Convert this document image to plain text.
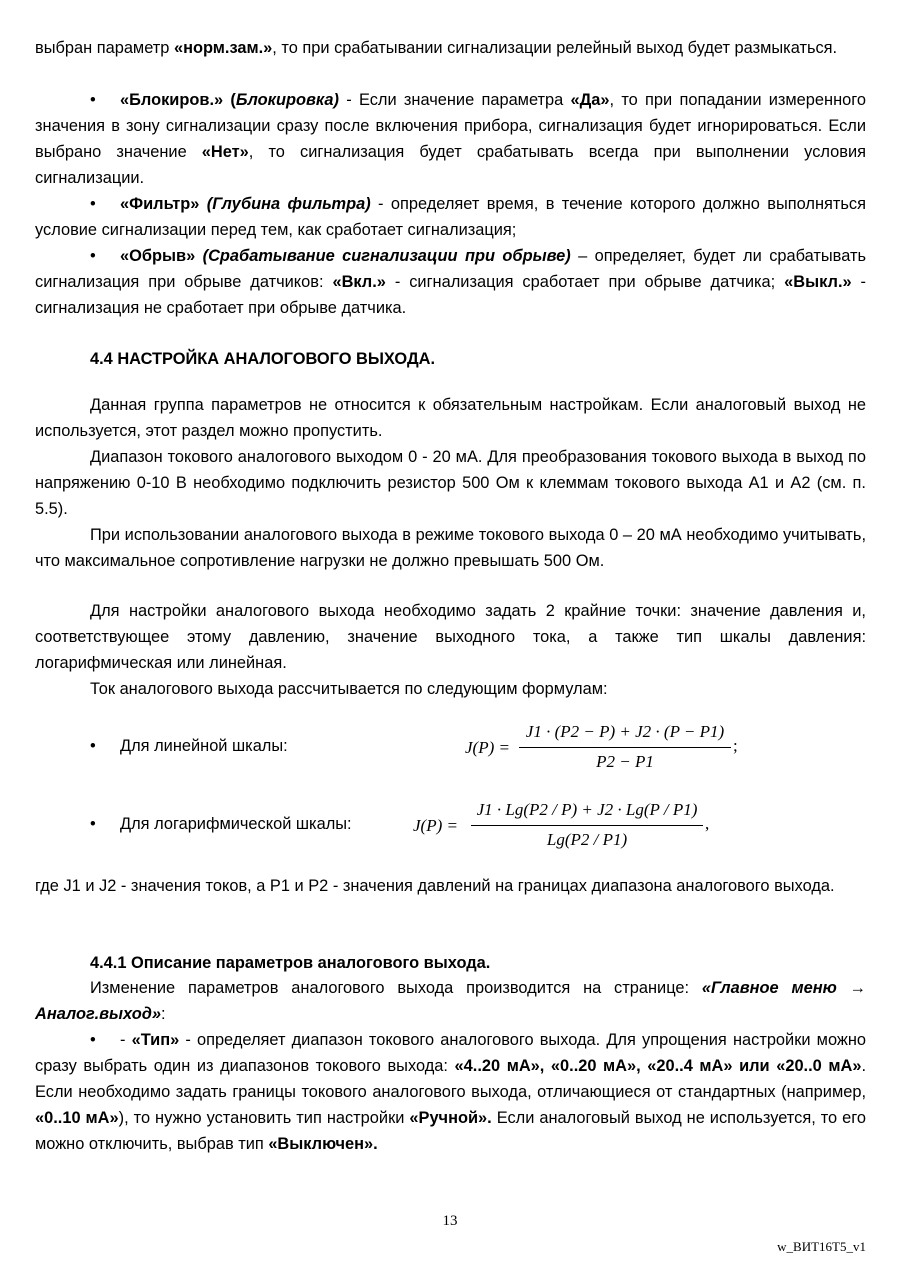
выбран параметр «норм.зам.», то при срабатывании сигнализации релейный выход будет размыкаться.

• «Блокиров.» (Блокировка) - Если значение параметра «Да», то при попадании измеренного значения в зону сигнализации сразу после включения прибора, сигнализация будет игнорироваться. Если выбрано значение «Нет», то сигнализация будет срабатывать всегда при выполнении условия сигнализации.

• «Фильтр» (Глубина фильтра) - определяет время, в течение которого должно выполняться условие сигнализации перед тем, как сработает сигнализация;

• «Обрыв» (Срабатывание сигнализации при обрыве) – определяет, будет ли срабатывать сигнализация при обрыве датчиков: «Вкл.» - сигнализация сработает при обрыве датчика; «Выкл.» - сигнализация не сработает при обрыве датчика.

4.4 НАСТРОЙКА АНАЛОГОВОГО ВЫХОДА.

Данная группа параметров не относится к обязательным настройкам. Если аналоговый выход не используется, этот раздел можно пропустить.

Диапазон токового аналогового выходом 0 - 20 мА. Для преобразования токового выхода в выход по напряжению 0-10 В необходимо подключить резистор 500 Ом к клеммам токового выхода А1 и А2 (см. п. 5.5).

При использовании аналогового выхода в режиме токового выхода 0 – 20 мА необходимо учитывать, что максимальное сопротивление нагрузки не должно превышать 500 Ом.

Для настройки аналогового выхода необходимо задать 2 крайние точки: значение давления и, соответствующее этому давлению, значение выходного тока, а также тип шкалы давления: логарифмическая или линейная.

Ток аналогового выхода рассчитывается по следующим формулам:

• Для линейной шкалы:	J(P) =
J1 · (P2 − P) + J2 · (P − P1)
P2 − P1
;
• Для логарифмической шкалы:	J(P) =
J1 · Lg(P2 / P) + J2 · Lg(P / P1)
Lg(P2 / P1)
,

где J1 и J2 - значения токов, а Р1 и Р2 - значения давлений на границах диапазона аналогового выхода.

4.4.1 Описание параметров аналогового выхода.

Изменение параметров аналогового выхода производится на странице: «Главное меню → Аналог.выход»:

• - «Тип» - определяет диапазон токового аналогового выхода. Для упрощения настройки можно сразу выбрать один из диапазонов токового выхода: «4..20 мА», «0..20 мА», «20..4 мА» или «20..0 мА». Если необходимо задать границы токового аналогового выхода, отличающиеся от стандартных (например, «0..10 мА»), то нужно установить тип настройки «Ручной». Если аналоговый выход не используется, то его можно отключить, выбрав тип «Выключен».

13
w_ВИТ16Т5_v1
